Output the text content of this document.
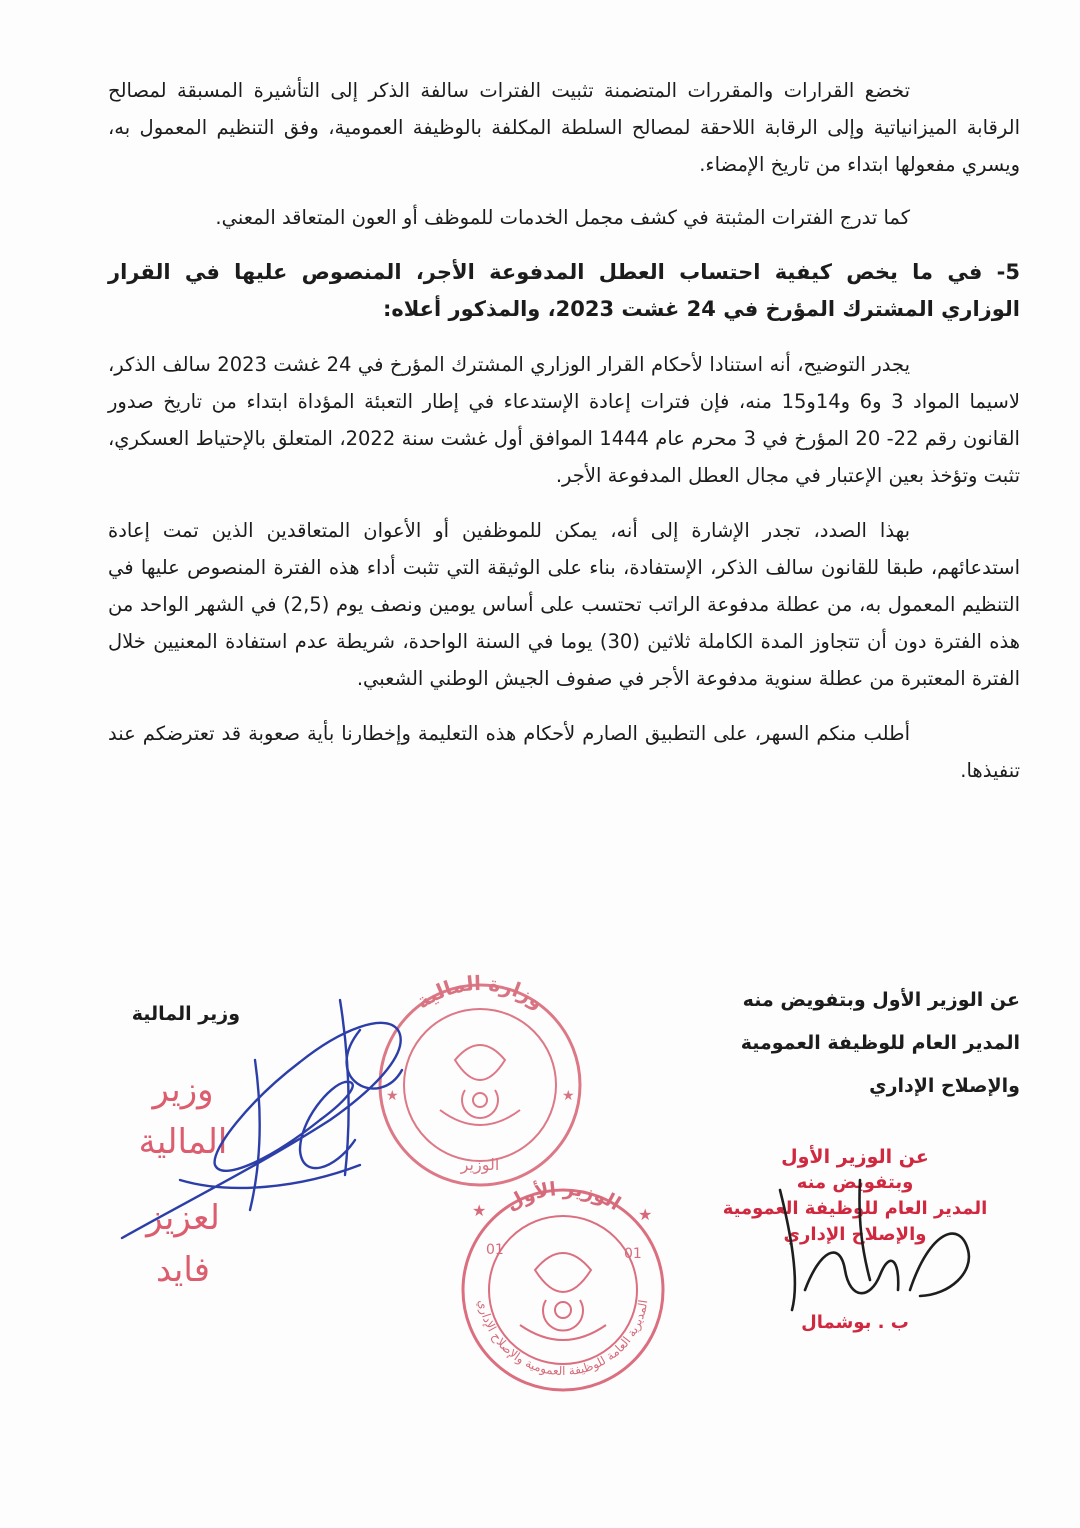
تخضع القرارات والمقررات المتضمنة تثبيت الفترات سالفة الذكر إلى التأشيرة المسبقة لمصالح الرقابة الميزانياتية وإلى الرقابة اللاحقة لمصالح السلطة المكلفة بالوظيفة العمومية، وفق التنظيم المعمول به، ويسري مفعولها ابتداء من تاريخ الإمضاء.

كما تدرج الفترات المثبتة في كشف مجمل الخدمات للموظف أو العون المتعاقد المعني.

5- في ما يخص كيفية احتساب العطل المدفوعة الأجر، المنصوص عليها في القرار الوزاري المشترك المؤرخ في 24 غشت 2023، والمذكور أعلاه:

يجدر التوضيح، أنه استنادا لأحكام القرار الوزاري المشترك المؤرخ في 24 غشت 2023 سالف الذكر، لاسيما المواد 3 و6 و14و15 منه، فإن فترات إعادة الإستدعاء في إطار التعبئة المؤداة ابتداء من تاريخ صدور القانون رقم 22- 20 المؤرخ في 3 محرم عام 1444 الموافق أول غشت سنة 2022، المتعلق بالإحتياط العسكري، تثبت وتؤخذ بعين الإعتبار في مجال العطل المدفوعة الأجر.

بهذا الصدد، تجدر الإشارة إلى أنه، يمكن للموظفين أو الأعوان المتعاقدين الذين تمت إعادة استدعائهم، طبقا للقانون سالف الذكر، الإستفادة، بناء على الوثيقة التي تثبت أداء هذه الفترة المنصوص عليها في التنظيم المعمول به، من عطلة مدفوعة الراتب تحتسب على أساس يومين ونصف يوم (2,5) في الشهر الواحد من هذه الفترة دون أن تتجاوز المدة الكاملة ثلاثين (30) يوما في السنة الواحدة، شريطة عدم استفادة المعنيين خلال الفترة المعتبرة من عطلة سنوية مدفوعة الأجر في صفوف الجيش الوطني الشعبي.

أطلب منكم السهر، على التطبيق الصارم لأحكام هذه التعليمة وإخطارنا بأية صعوبة قد تعترضكم عند تنفيذها.

عن الوزير الأول وبتفويض منه
المدير العام للوظيفة العمومية
والإصلاح الإداري
وزير المالية
عن الوزير الأول
وبتفويض منه
المدير العام للوظيفة العمومية
والإصلاح الإداري
ب . بوشمال
وزير المالية
لعزيز فايد
وزارة المالية
الوزير
★	★
الوزير الأول
المديرية العامة للوظيفة العمومية والإصلاح الإداري
01	01
★	★
